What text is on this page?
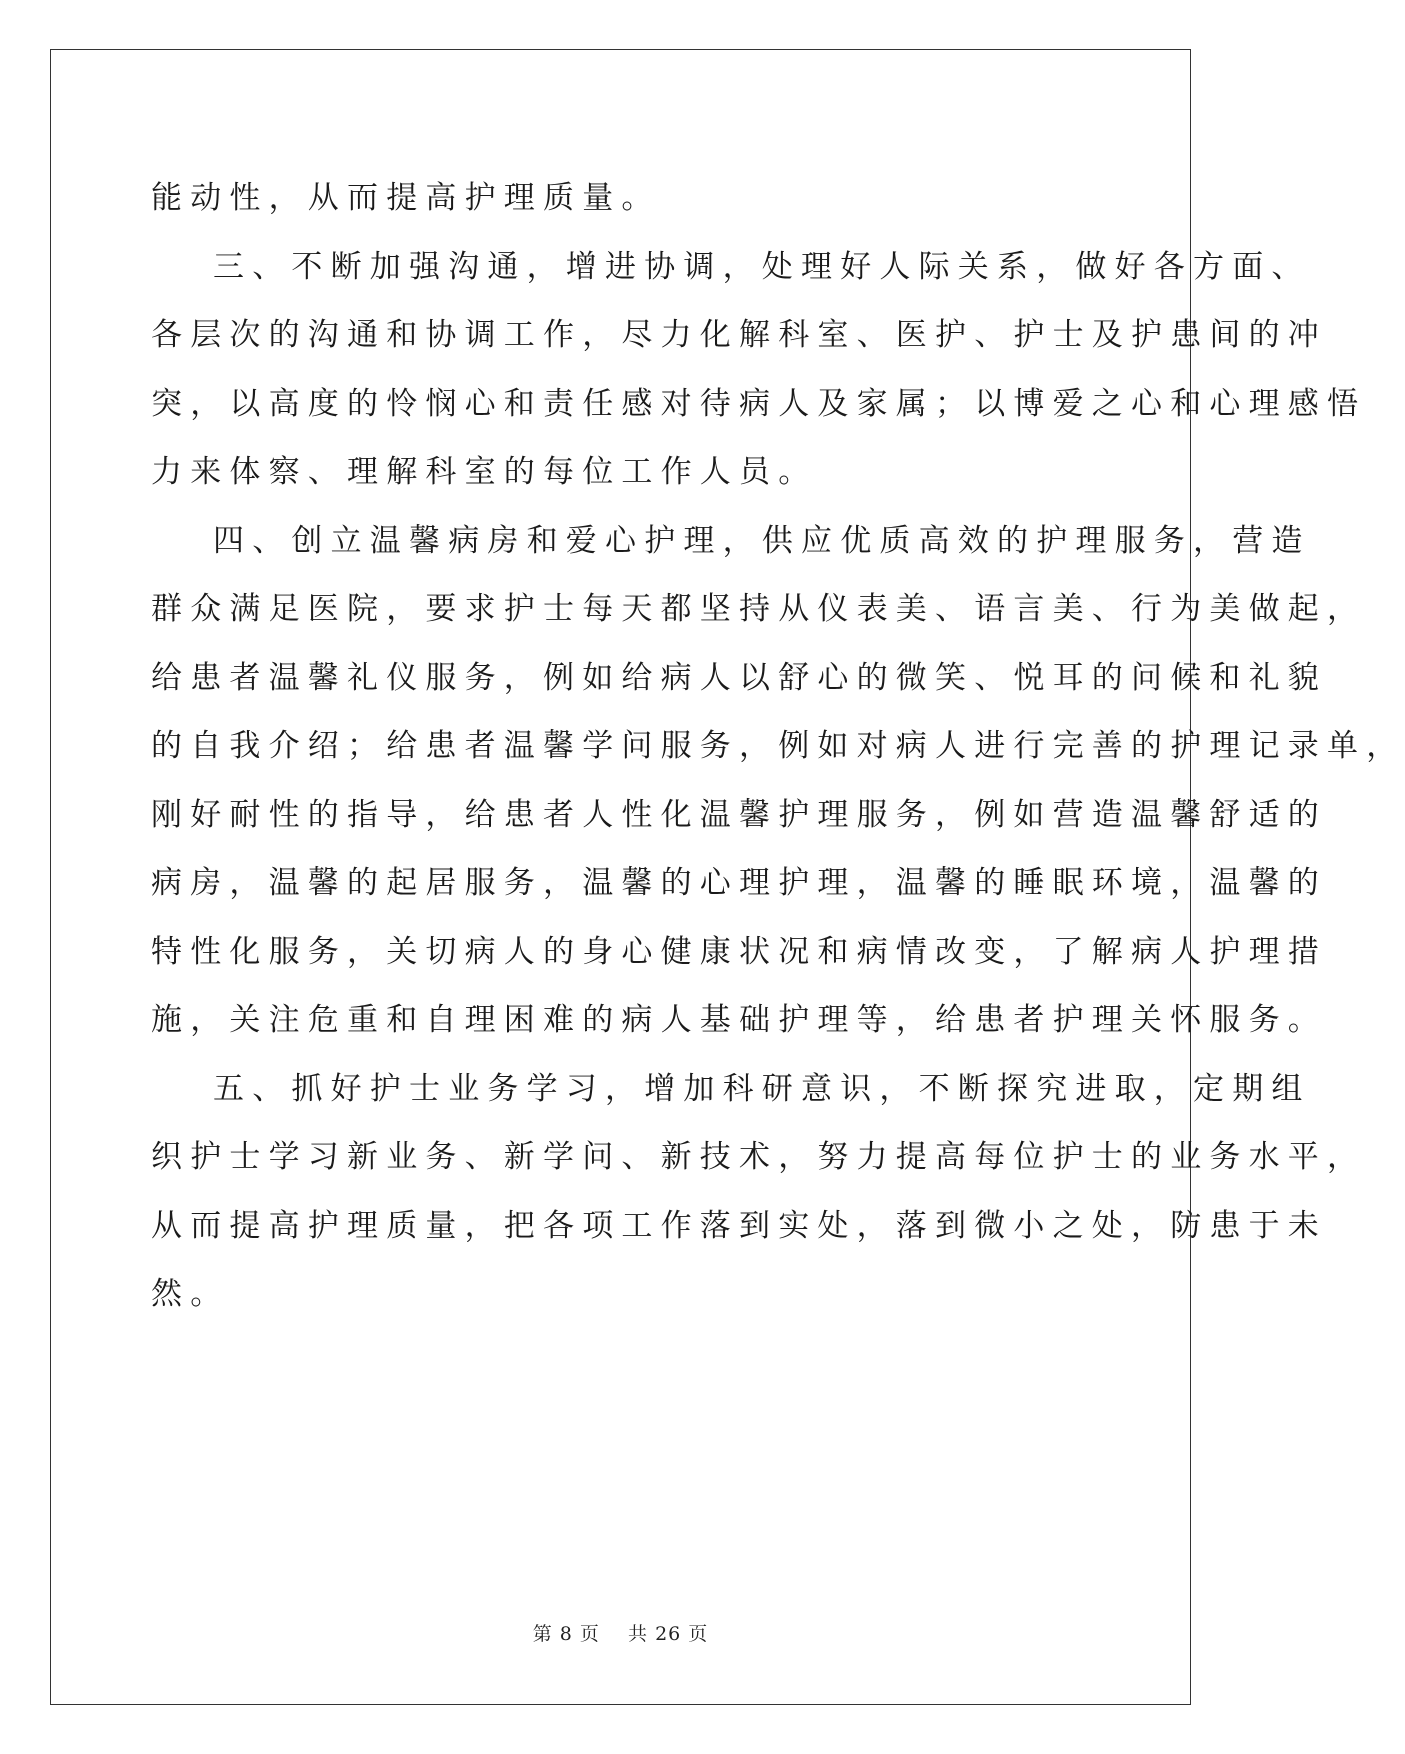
能动性，从而提高护理质量。

三、不断加强沟通，增进协调，处理好人际关系，做好各方面、

各层次的沟通和协调工作，尽力化解科室、医护、护士及护患间的冲

突，以高度的怜悯心和责任感对待病人及家属；以博爱之心和心理感悟

力来体察、理解科室的每位工作人员。

四、创立温馨病房和爱心护理，供应优质高效的护理服务，营造

群众满足医院，要求护士每天都坚持从仪表美、语言美、行为美做起，

给患者温馨礼仪服务，例如给病人以舒心的微笑、悦耳的问候和礼貌

的自我介绍；给患者温馨学问服务，例如对病人进行完善的护理记录单，

刚好耐性的指导，给患者人性化温馨护理服务，例如营造温馨舒适的

病房，温馨的起居服务，温馨的心理护理，温馨的睡眠环境，温馨的

特性化服务，关切病人的身心健康状况和病情改变，了解病人护理措

施，关注危重和自理困难的病人基础护理等，给患者护理关怀服务。

五、抓好护士业务学习，增加科研意识，不断探究进取，定期组

织护士学习新业务、新学问、新技术，努力提高每位护士的业务水平，

从而提高护理质量，把各项工作落到实处，落到微小之处，防患于未

然。

第 8 页 共 26 页
